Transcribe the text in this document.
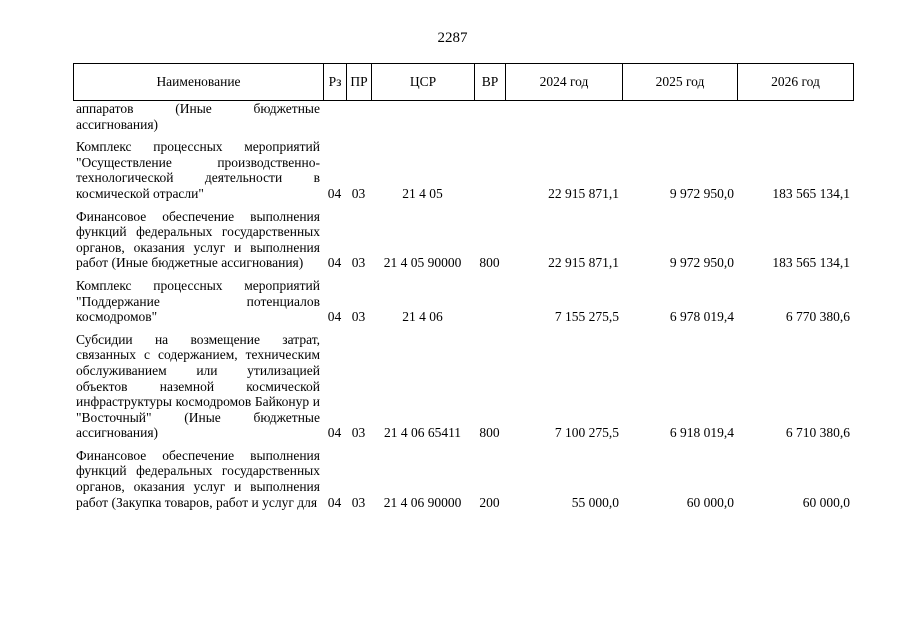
2287
Наименование	Рз	ПР	ЦСР	ВР	2024 год	2025 год	2026 год
аппаратов (Иные бюджетные ассигнования)							
Комплекс процессных мероприятий "Осуществление производственно-технологической деятельности в космической отрасли"	04	03	21 4 05		22 915 871,1	9 972 950,0	183 565 134,1
Финансовое обеспечение выполнения функций федеральных государственных органов, оказания услуг и выполнения работ (Иные бюджетные ассигнования)	04	03	21 4 05 90000	800	22 915 871,1	9 972 950,0	183 565 134,1
Комплекс процессных мероприятий "Поддержание потенциалов космодромов"	04	03	21 4 06		7 155 275,5	6 978 019,4	6 770 380,6
Субсидии на возмещение затрат, связанных с содержанием, техническим обслуживанием или утилизацией объектов наземной космической инфраструктуры космодромов Байконур и "Восточный" (Иные бюджетные ассигнования)	04	03	21 4 06 65411	800	7 100 275,5	6 918 019,4	6 710 380,6
Финансовое обеспечение выполнения функций федеральных государственных органов, оказания услуг и выполнения работ (Закупка товаров, работ и услуг для	04	03	21 4 06 90000	200	55 000,0	60 000,0	60 000,0
